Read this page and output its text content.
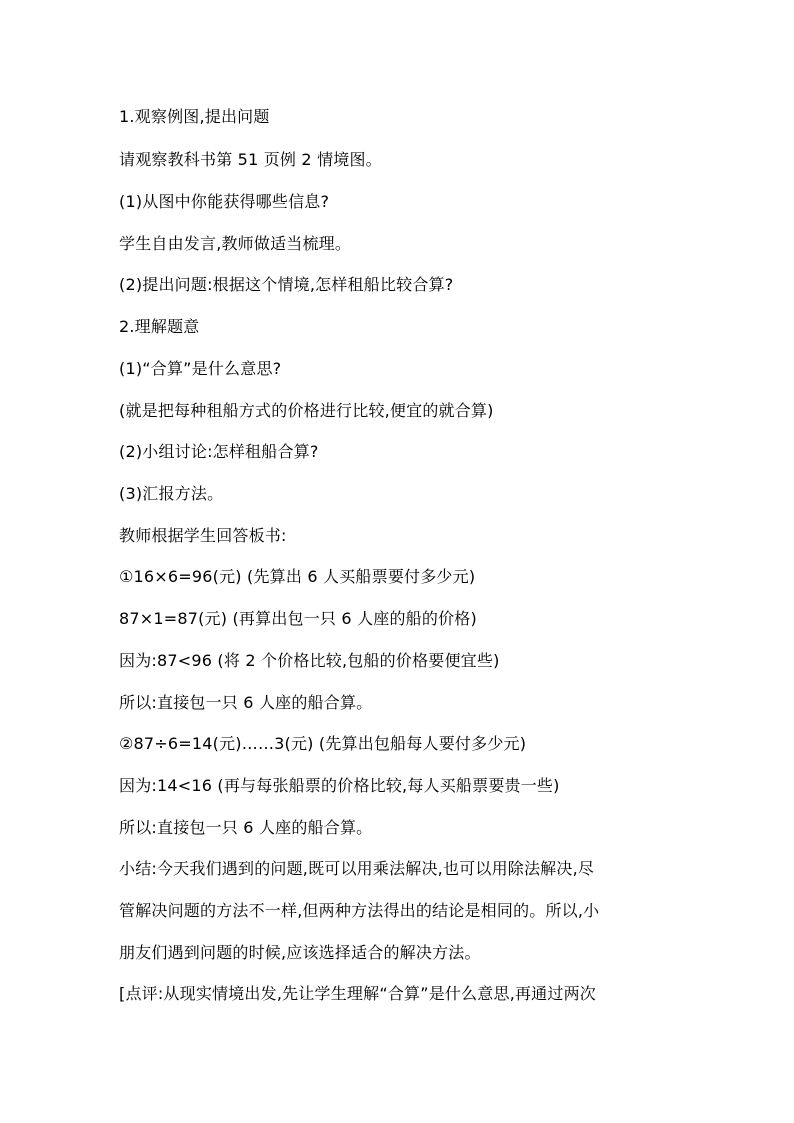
1.观察例图,提出问题
请观察教科书第 51 页例 2 情境图。
(1)从图中你能获得哪些信息?
学生自由发言,教师做适当梳理。
(2)提出问题:根据这个情境,怎样租船比较合算?
2.理解题意
(1)“合算”是什么意思?
(就是把每种租船方式的价格进行比较,便宜的就合算)
(2)小组讨论:怎样租船合算?
(3)汇报方法。
教师根据学生回答板书:
①16×6=96(元) (先算出 6 人买船票要付多少元)
87×1=87(元) (再算出包一只 6 人座的船的价格)
因为:87<96 (将 2 个价格比较,包船的价格要便宜些)
所以:直接包一只 6 人座的船合算。
②87÷6=14(元)……3(元) (先算出包船每人要付多少元)
因为:14<16 (再与每张船票的价格比较,每人买船票要贵一些)
所以:直接包一只 6 人座的船合算。
小结:今天我们遇到的问题,既可以用乘法解决,也可以用除法解决,尽
管解决问题的方法不一样,但两种方法得出的结论是相同的。所以,小
朋友们遇到问题的时候,应该选择适合的解决方法。
[点评:从现实情境出发,先让学生理解“合算”是什么意思,再通过两次
